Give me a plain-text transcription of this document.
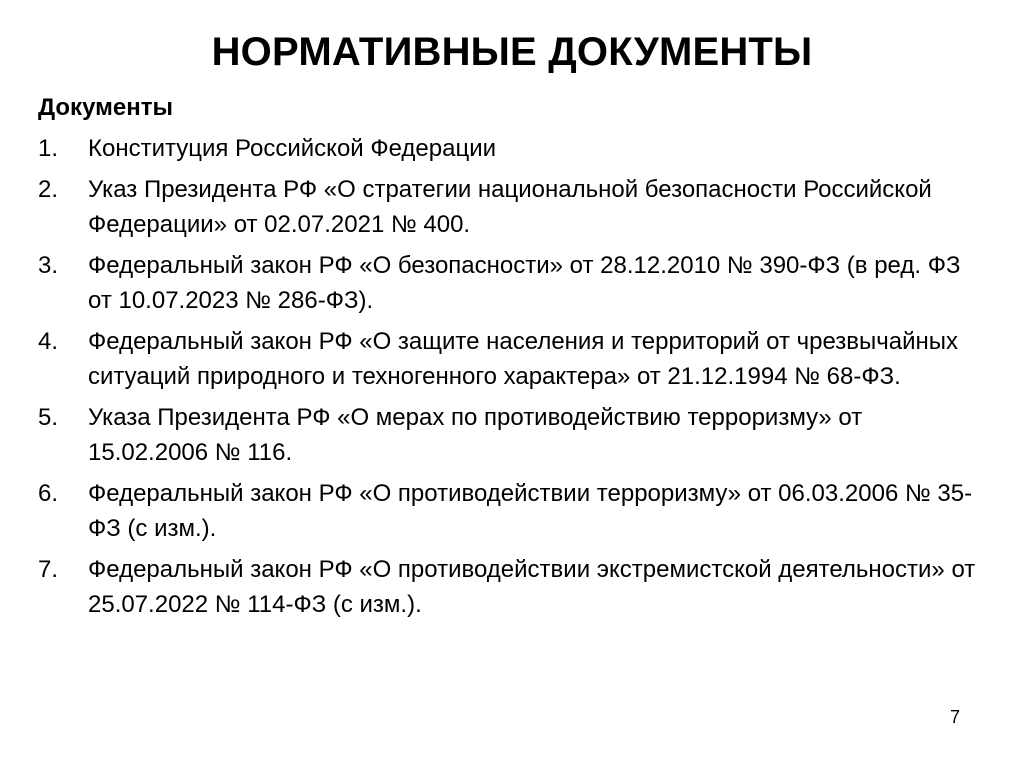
НОРМАТИВНЫЕ ДОКУМЕНТЫ
Документы
1.	Конституция Российской Федерации
2.	Указ Президента РФ «О стратегии национальной безопасности Российской Федерации» от 02.07.2021 № 400.
3.	Федеральный закон РФ «О безопасности» от 28.12.2010 № 390-ФЗ (в ред. ФЗ от 10.07.2023 № 286-ФЗ).
4.	Федеральный закон РФ «О защите населения и территорий от чрезвычайных ситуаций природного и техногенного характера» от 21.12.1994 № 68-ФЗ.
5.	Указа Президента РФ «О мерах по противодействию терроризму» от 15.02.2006 № 116.
6.	Федеральный закон РФ «О противодействии терроризму» от 06.03.2006 № 35-ФЗ (с изм.).
7.	Федеральный закон РФ «О противодействии экстремистской деятельности» от 25.07.2022 № 114-ФЗ (с изм.).
7
